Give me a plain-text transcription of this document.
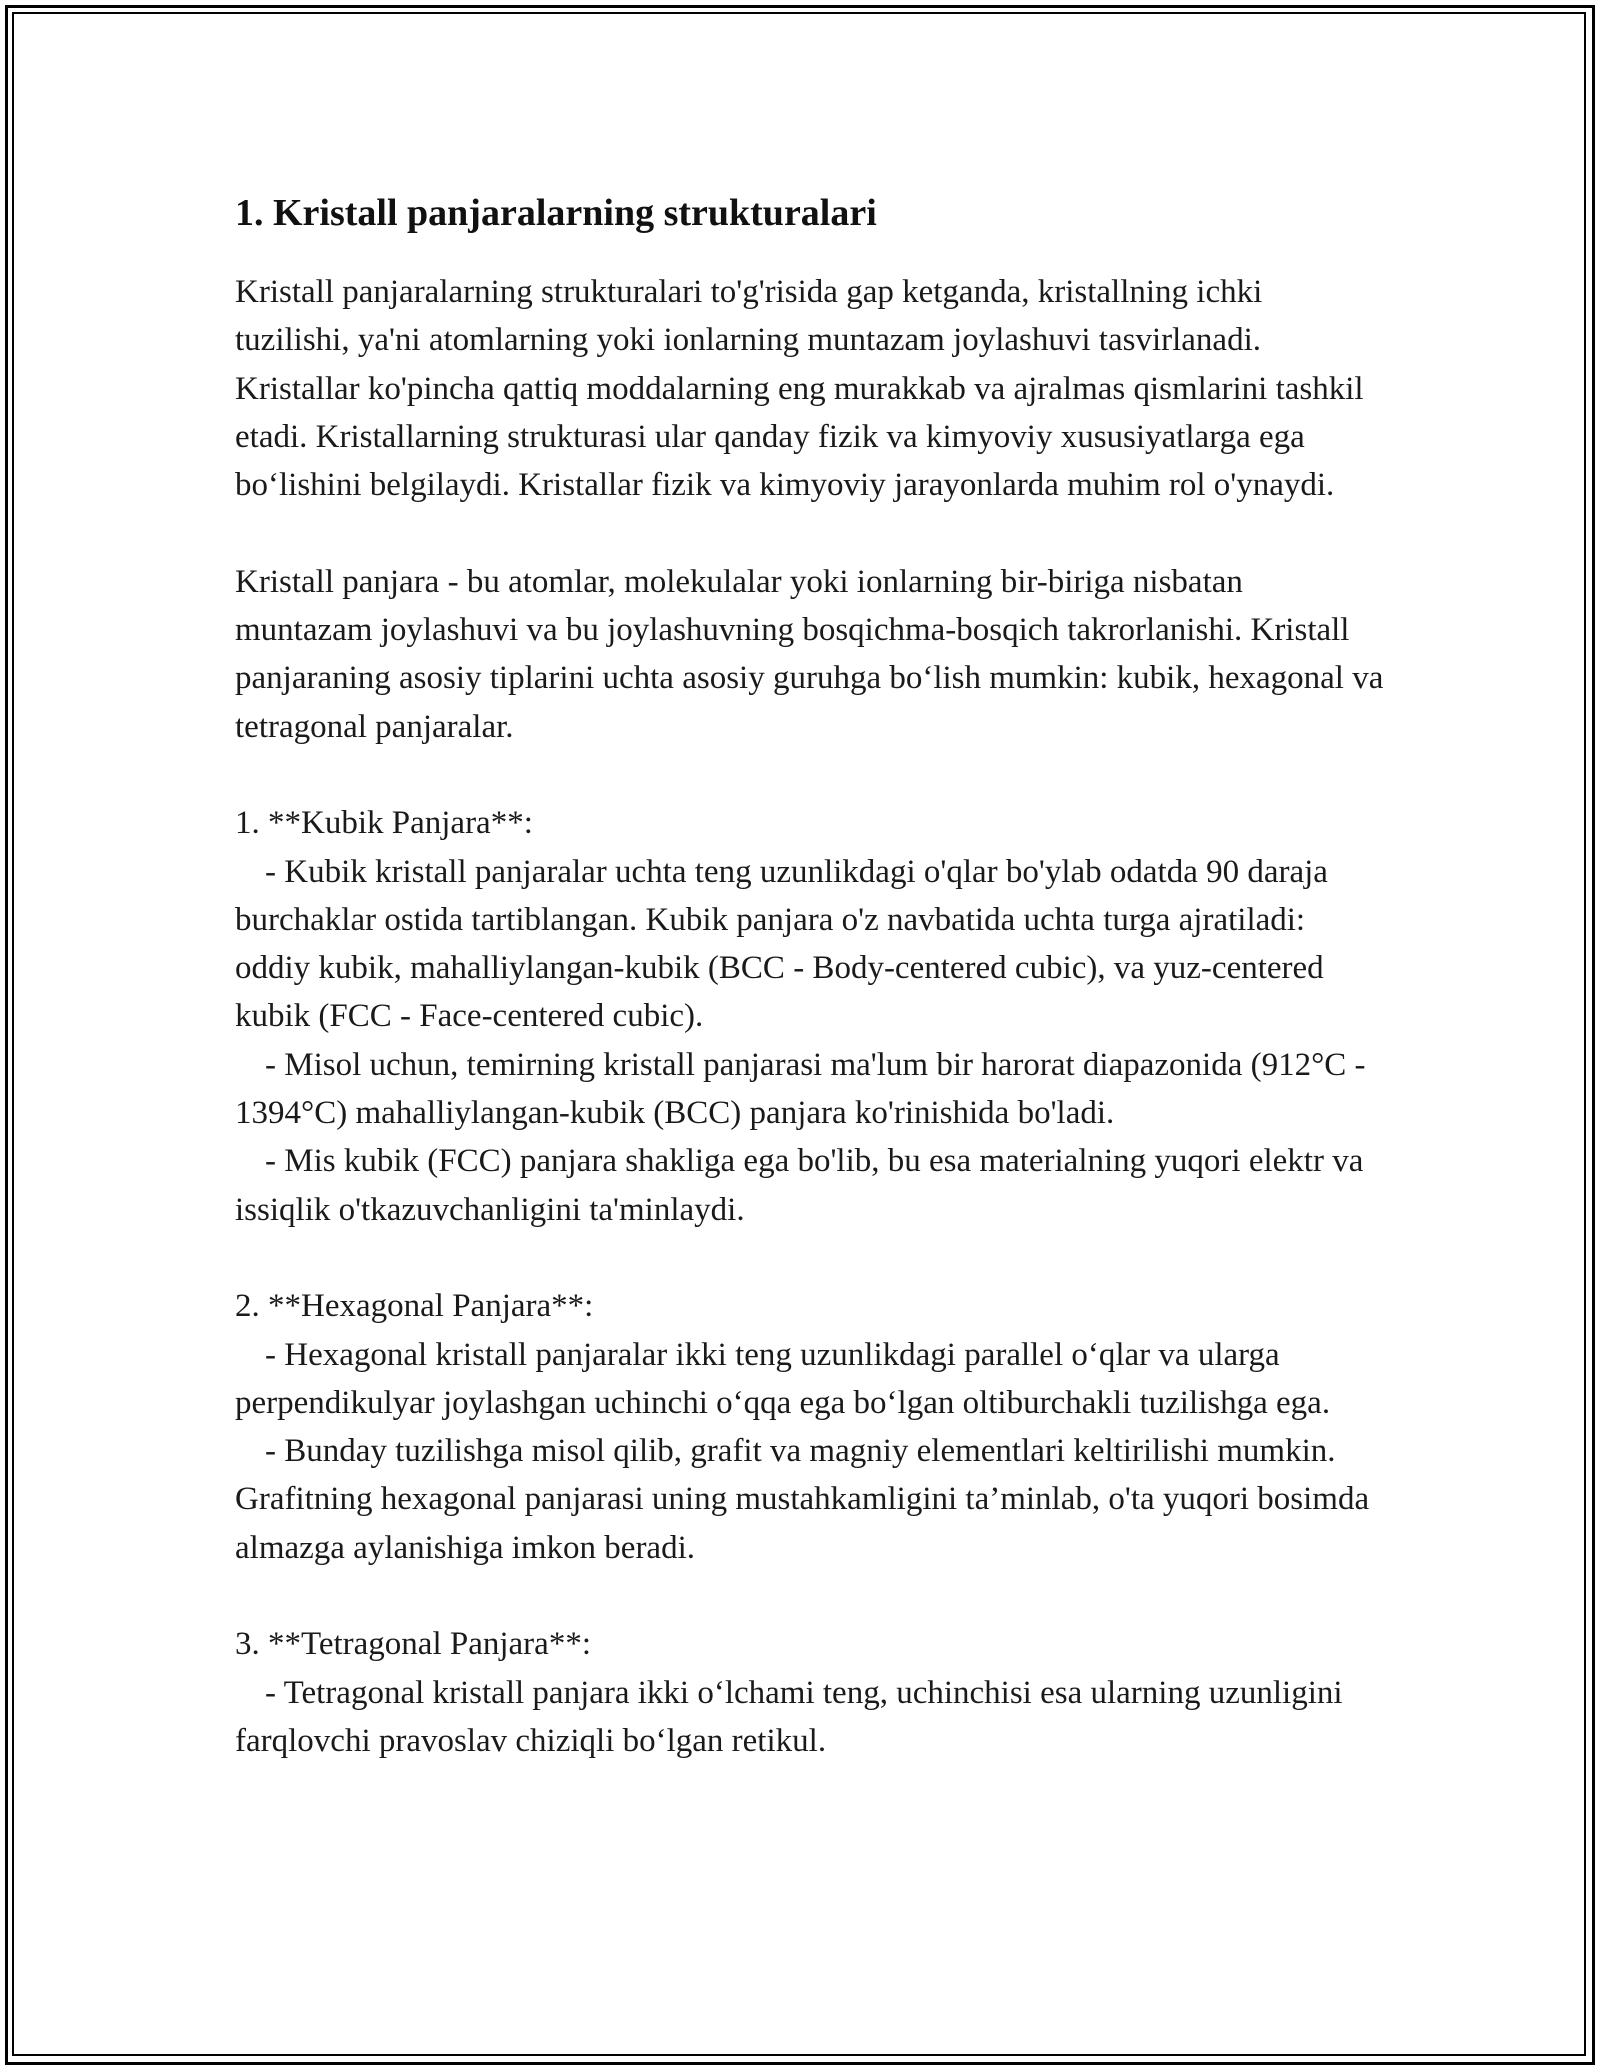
1. Kristall panjaralarning strukturalari

Kristall panjaralarning strukturalari to'g'risida gap ketganda, kristallning ichki tuzilishi, ya'ni atomlarning yoki ionlarning muntazam joylashuvi tasvirlanadi. Kristallar ko'pincha qattiq moddalarning eng murakkab va ajralmas qismlarini tashkil etadi. Kristallarning strukturasi ular qanday fizik va kimyoviy xususiyatlarga ega boʻlishini belgilaydi. Kristallar fizik va kimyoviy jarayonlarda muhim rol o'ynaydi.

Kristall panjara - bu atomlar, molekulalar yoki ionlarning bir-biriga nisbatan muntazam joylashuvi va bu joylashuvning bosqichma-bosqich takrorlanishi. Kristall panjaraning asosiy tiplarini uchta asosiy guruhga boʻlish mumkin: kubik, hexagonal va tetragonal panjaralar.

1. **Kubik Panjara**:

- Kubik kristall panjaralar uchta teng uzunlikdagi o'qlar bo'ylab odatda 90 daraja burchaklar ostida tartiblangan. Kubik panjara o'z navbatida uchta turga ajratiladi: oddiy kubik, mahalliylangan-kubik (BCC - Body-centered cubic), va yuz-centered kubik (FCC - Face-centered cubic).

- Misol uchun, temirning kristall panjarasi ma'lum bir harorat diapazonida (912°C - 1394°C) mahalliylangan-kubik (BCC) panjara ko'rinishida bo'ladi.

- Mis kubik (FCC) panjara shakliga ega bo'lib, bu esa materialning yuqori elektr va issiqlik o'tkazuvchanligini ta'minlaydi.

2. **Hexagonal Panjara**:

- Hexagonal kristall panjaralar ikki teng uzunlikdagi parallel oʻqlar va ularga perpendikulyar joylashgan uchinchi oʻqqa ega boʻlgan oltiburchakli tuzilishga ega.

- Bunday tuzilishga misol qilib, grafit va magniy elementlari keltirilishi mumkin. Grafitning hexagonal panjarasi uning mustahkamligini ta’minlab, o'ta yuqori bosimda almazga aylanishiga imkon beradi.

3. **Tetragonal Panjara**:

- Tetragonal kristall panjara ikki oʻlchami teng, uchinchisi esa ularning uzunligini farqlovchi pravoslav chiziqli boʻlgan retikul.
